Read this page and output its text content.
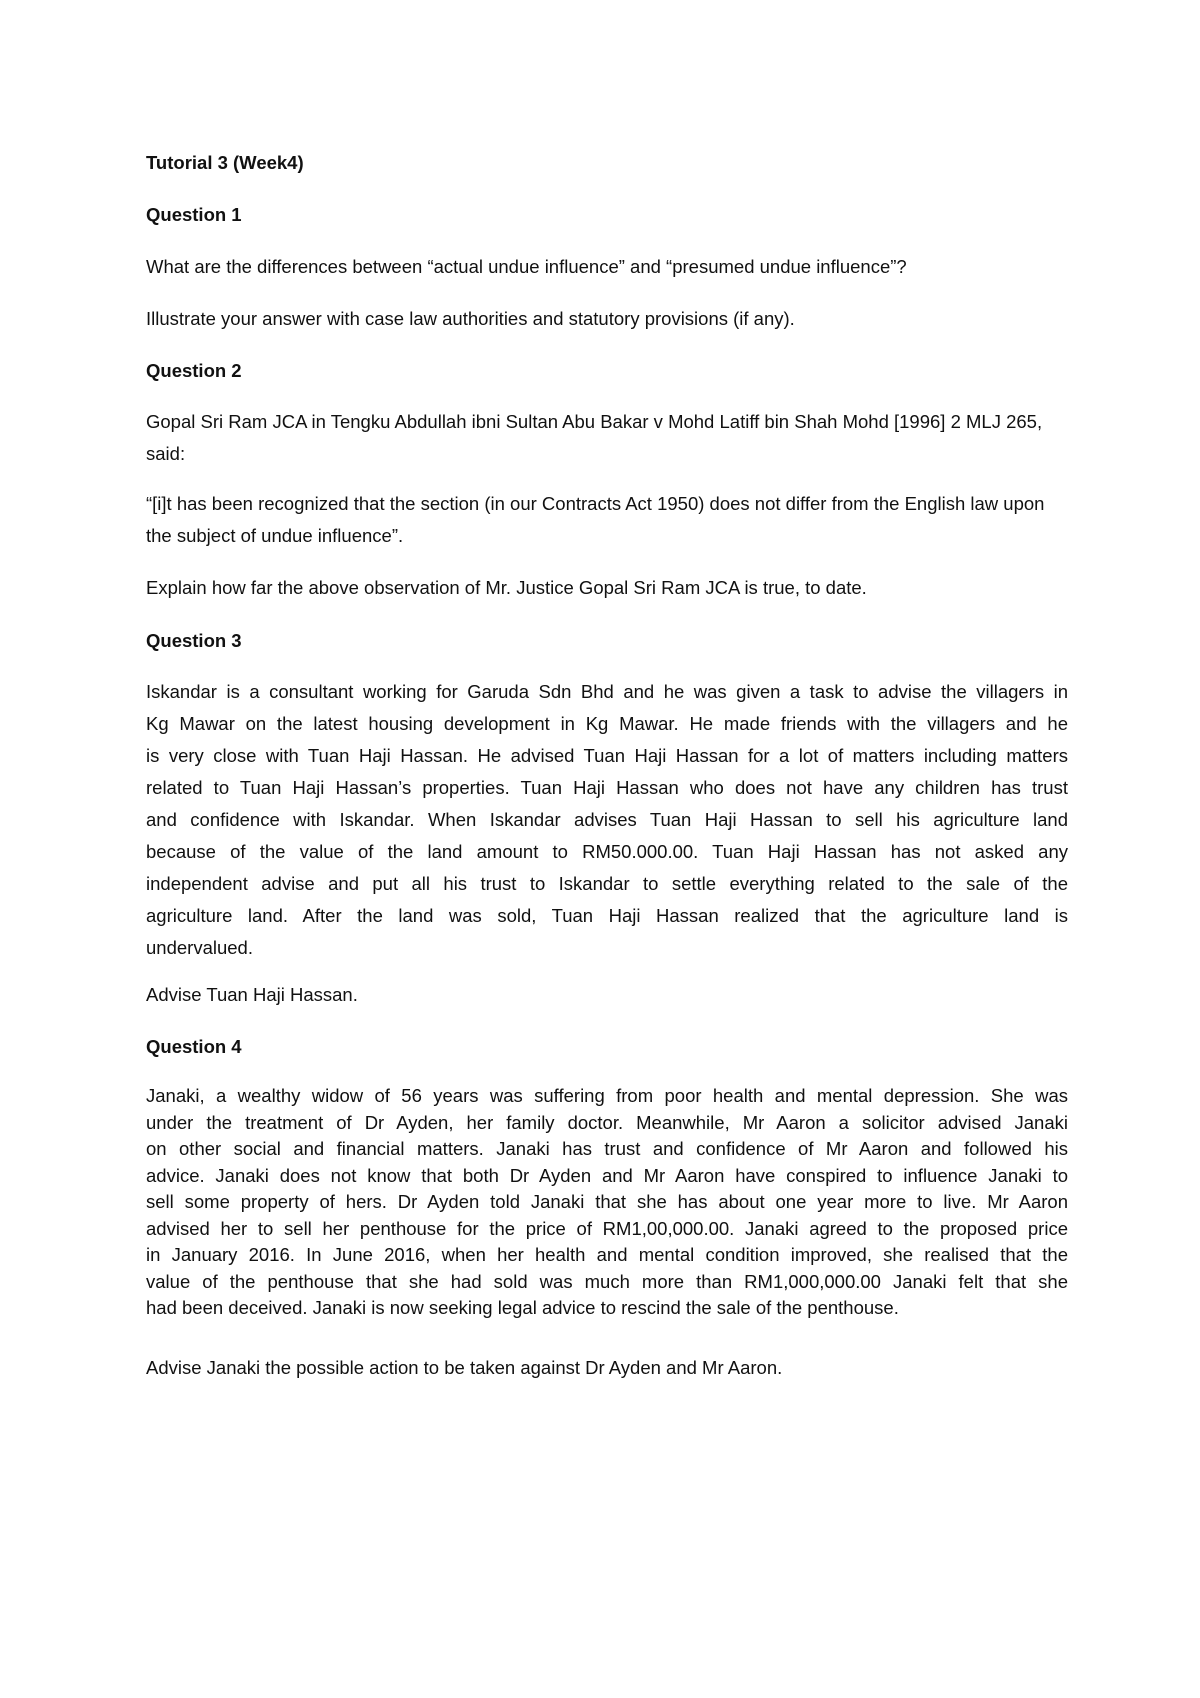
Tutorial 3 (Week4)
Question 1
What are the differences between “actual undue influence” and “presumed undue influence”?
Illustrate your answer with case law authorities and statutory provisions (if any).
Question 2
Gopal Sri Ram JCA in Tengku Abdullah ibni Sultan Abu Bakar v Mohd Latiff bin Shah Mohd [1996] 2 MLJ 265, said:
“[i]t has been recognized that the section (in our Contracts Act 1950) does not differ from the English law upon the subject of undue influence”.
Explain how far the above observation of Mr. Justice Gopal Sri Ram JCA is true, to date.
Question 3

Iskandar is a consultant working for Garuda Sdn Bhd and he was given a task to advise the villagers in

Kg Mawar on the latest housing development in Kg Mawar. He made friends with the villagers and he

is very close with Tuan Haji Hassan. He advised Tuan Haji Hassan for a lot of matters including matters

related to Tuan Haji Hassan’s properties. Tuan Haji Hassan who does not have any children has trust

and confidence with Iskandar. When Iskandar advises Tuan Haji Hassan to sell his agriculture land

because of the value of the land amount to RM50.000.00. Tuan Haji Hassan has not asked any

independent advise and put all his trust to Iskandar to settle everything related to the sale of the

agriculture land. After the land was sold, Tuan Haji Hassan realized that the agriculture land is

undervalued.

Advise Tuan Haji Hassan.
Question 4

Janaki, a wealthy widow of 56 years was suffering from poor health and mental depression. She was

under the treatment of Dr Ayden, her family doctor. Meanwhile, Mr Aaron a solicitor advised Janaki

on other social and financial matters. Janaki has trust and confidence of Mr Aaron and followed his

advice. Janaki does not know that both Dr Ayden and Mr Aaron have conspired to influence Janaki to

sell some property of hers. Dr Ayden told Janaki that she has about one year more to live. Mr Aaron

advised her to sell her penthouse for the price of RM1,00,000.00. Janaki agreed to the proposed price

in January 2016. In June 2016, when her health and mental condition improved, she realised that the

value of the penthouse that she had sold was much more than RM1,000,000.00 Janaki felt that she

had been deceived. Janaki is now seeking legal advice to rescind the sale of the penthouse.

Advise Janaki the possible action to be taken against Dr Ayden and Mr Aaron.
